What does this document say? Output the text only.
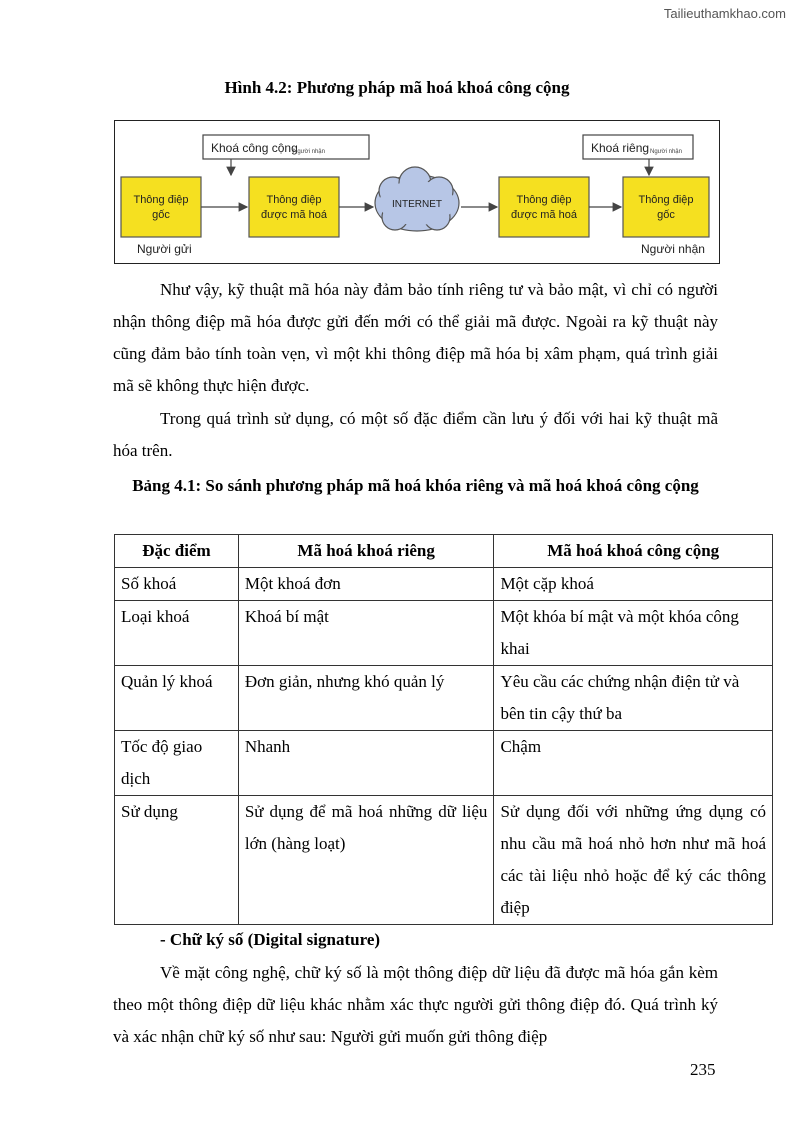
Tailieuthamkhao.com
Hình 4.2: Phương pháp mã hoá khoá công cộng
Khoá công cộng
Người nhận	Khoá riêng Người nhận
Thông điệp
gốc
Thông điệp
được mã hoá
INTERNET	Thông điệp
được mã hoá
Thông điệp
gốc
Người gửi	Người nhận

Như vậy, kỹ thuật mã hóa này đảm bảo tính riêng tư và bảo mật, vì chỉ có người nhận thông điệp mã hóa được gửi đến mới có thể giải mã được. Ngoài ra kỹ thuật này cũng đảm bảo tính toàn vẹn, vì một khi thông điệp mã hóa bị xâm phạm, quá trình giải mã sẽ không thực hiện được.

Trong quá trình sử dụng, có một số đặc điểm cần lưu ý đối với hai kỹ thuật mã hóa trên.

Bảng 4.1: So sánh phương pháp mã hoá khóa riêng và mã hoá khoá công cộng

Đặc điểm	Mã hoá khoá riêng	Mã hoá khoá công cộng
Số khoá	Một khoá đơn	Một cặp khoá
Loại khoá	Khoá bí mật	Một khóa bí mật và một khóa công khai
Quản lý khoá	Đơn giản, nhưng khó quản lý	Yêu cầu các chứng nhận điện tử và bên tin cậy thứ ba
Tốc độ giao dịch	Nhanh	Chậm
Sử dụng	Sử dụng để mã hoá những dữ liệu lớn (hàng loạt)	Sử dụng đối với những ứng dụng có nhu cầu mã hoá nhỏ hơn như mã hoá các tài liệu nhỏ hoặc để ký các thông điệp
- Chữ ký số (Digital signature)

Về mặt công nghệ, chữ ký số là một thông điệp dữ liệu đã được mã hóa gắn kèm theo một thông điệp dữ liệu khác nhằm xác thực người gửi thông điệp đó. Quá trình ký và xác nhận chữ ký số như sau: Người gửi muốn gửi thông điệp

235
